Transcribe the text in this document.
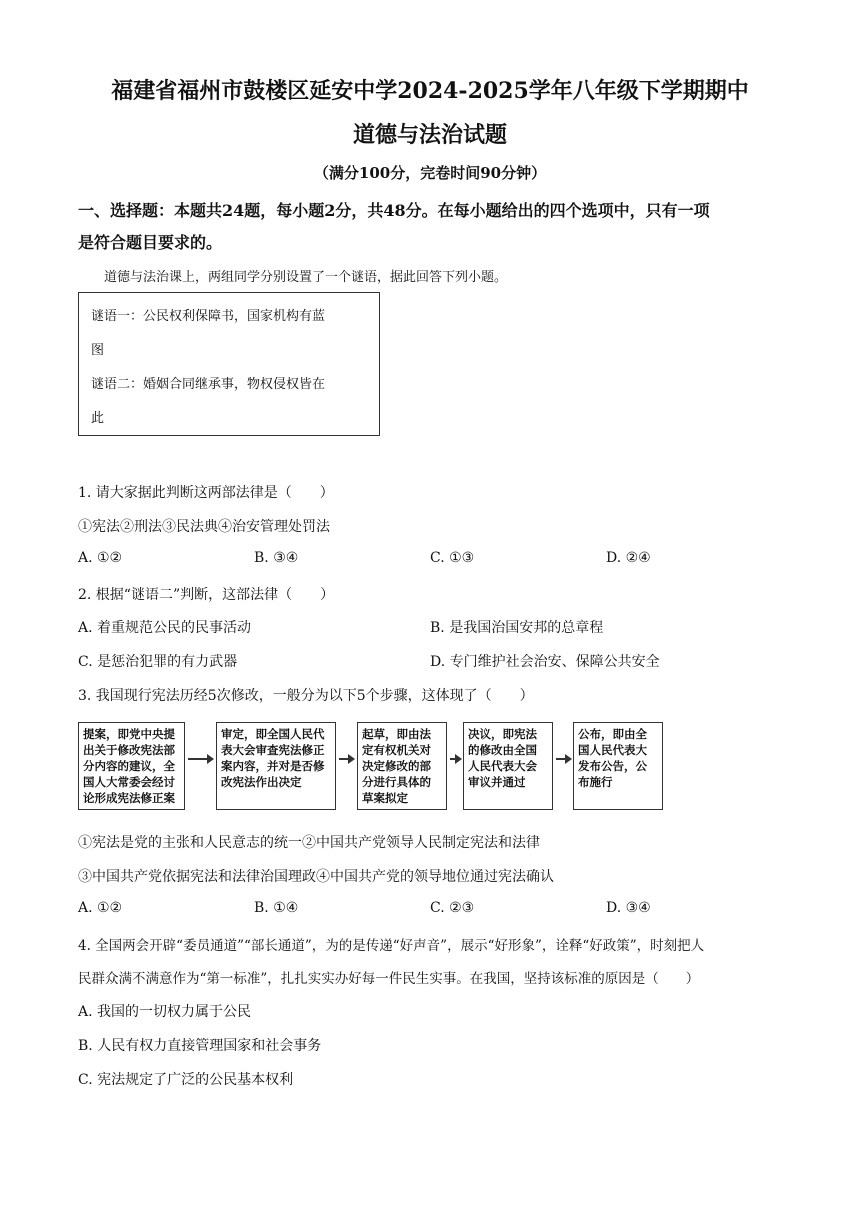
福建省福州市鼓楼区延安中学2024-2025学年八年级下学期期中
道德与法治试题
（满分100分，完卷时间90分钟）
一、选择题：本题共24题，每小题2分，共48分。在每小题给出的四个选项中，只有一项
是符合题目要求的。
道德与法治课上，两组同学分别设置了一个谜语，据此回答下列小题。
谜语一：公民权利保障书，国家机构有蓝
图
谜语二：婚姻合同继承事，物权侵权皆在
此
1. 请大家据此判断这两部法律是（　　）
①宪法②刑法③民法典④治安管理处罚法
A. ①②	B. ③④	C. ①③	D. ②④
2. 根据“谜语二”判断，这部法律（　　）
A. 着重规范公民的民事活动	B. 是我国治国安邦的总章程
C. 是惩治犯罪的有力武器	D. 专门维护社会治安、保障公共安全
3. 我国现行宪法历经5次修改，一般分为以下5个步骤，这体现了（　　）
提案，即党中央提出关于修改宪法部分内容的建议，全国人大常委会经讨论形成宪法修正案
审定，即全国人民代表大会审查宪法修正案内容，并对是否修改宪法作出决定
起草，即由法定有权机关对决定修改的部分进行具体的草案拟定
决议，即宪法的修改由全国人民代表大会审议并通过
公布，即由全国人民代表大发布公告，公布施行
①宪法是党的主张和人民意志的统一②中国共产党领导人民制定宪法和法律
③中国共产党依据宪法和法律治国理政④中国共产党的领导地位通过宪法确认
A. ①②	B. ①④	C. ②③	D. ③④
4. 全国两会开辟“委员通道”“部长通道”，为的是传递“好声音”，展示“好形象”，诠释“好政策”，时刻把人
民群众满不满意作为“第一标准”，扎扎实实办好每一件民生实事。在我国，坚持该标准的原因是（　　）
A. 我国的一切权力属于公民
B. 人民有权力直接管理国家和社会事务
C. 宪法规定了广泛的公民基本权利
